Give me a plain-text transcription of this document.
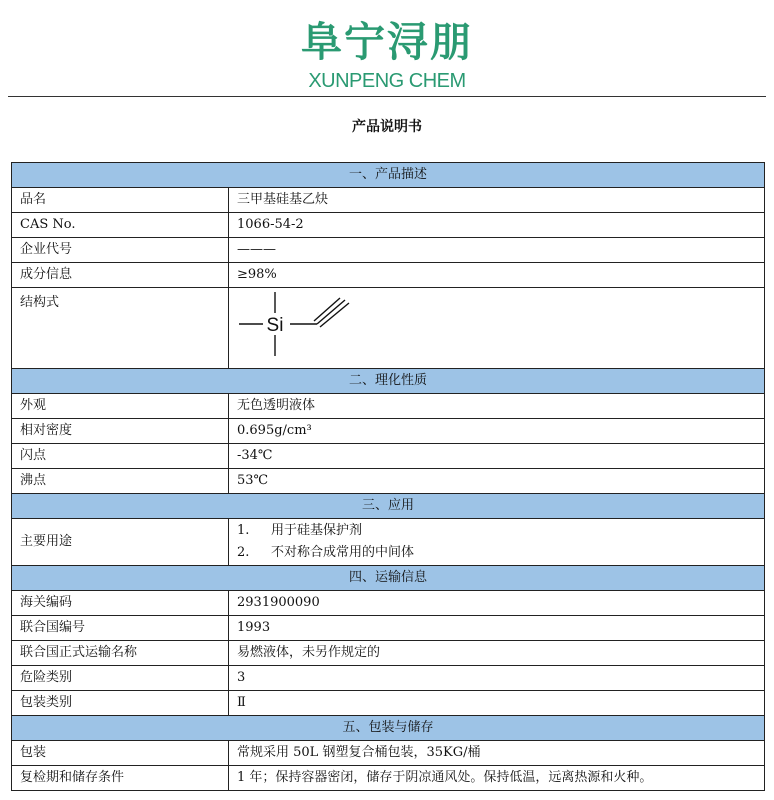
阜宁浔朋
XUNPENG CHEM
产品说明书
一、产品描述	
品名	三甲基硅基乙炔
CAS No.	1066-54-2
企业代号	———
成分信息	≥98%
结构式	Si

二、理化性质	
外观	无色透明液体
相对密度	0.695g/cm³
闪点	-34℃
沸点	53℃
三、应用	
主要用途	1. 用于硅基保护剂
2. 不对称合成常用的中间体

四、运输信息	
海关编码	2931900090
联合国编号	1993
联合国正式运输名称	易燃液体，未另作规定的
危险类别	3
包装类别	Ⅱ
五、包装与储存	
包装	常规采用 50L 钢塑复合桶包装，35KG/桶
复检期和储存条件	1 年；保持容器密闭，储存于阴凉通风处。保持低温，远离热源和火种。
